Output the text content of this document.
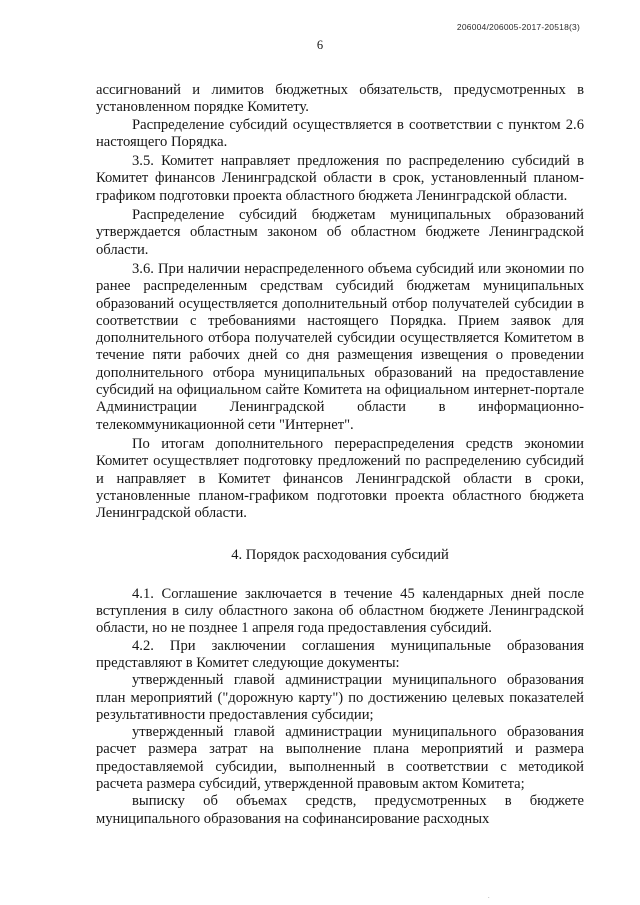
206004/206005-2017-20518(3)
6

ассигнований и лимитов бюджетных обязательств, предусмотренных в установленном порядке Комитету.

Распределение субсидий осуществляется в соответствии с пунктом 2.6 настоящего Порядка.

3.5. Комитет направляет предложения по распределению субсидий в Комитет финансов Ленинградской области в срок, установленный планом-графиком подготовки проекта областного бюджета Ленинградской области.

Распределение субсидий бюджетам муниципальных образований утверждается областным законом об областном бюджете Ленинградской области.

3.6. При наличии нераспределенного объема субсидий или экономии по ранее распределенным средствам субсидий бюджетам муниципальных образований осуществляется дополнительный отбор получателей субсидии в соответствии с требованиями настоящего Порядка. Прием заявок для дополнительного отбора получателей субсидии осуществляется Комитетом в течение пяти рабочих дней со дня размещения извещения о проведении дополнительного отбора муниципальных образований на предоставление субсидий на официальном сайте Комитета на официальном интернет-портале Администрации Ленинградской области в информационно-телекоммуникационной сети "Интернет".

По итогам дополнительного перераспределения средств экономии Комитет осуществляет подготовку предложений по распределению субсидий и направляет в Комитет финансов Ленинградской области в сроки, установленные планом-графиком подготовки проекта областного бюджета Ленинградской области.

4. Порядок расходования субсидий

4.1. Соглашение заключается в течение 45 календарных дней после вступления в силу областного закона об областном бюджете Ленинградской области, но не позднее 1 апреля года предоставления субсидий.

4.2. При заключении соглашения муниципальные образования представляют в Комитет следующие документы:

утвержденный главой администрации муниципального образования план мероприятий ("дорожную карту") по достижению целевых показателей результативности предоставления субсидии;

утвержденный главой администрации муниципального образования расчет размера затрат на выполнение плана мероприятий и размера предоставляемой субсидии, выполненный в соответствии с методикой расчета размера субсидий, утвержденной правовым актом Комитета;

выписку об объемах средств, предусмотренных в бюджете муниципального образования на софинансирование расходных

·
